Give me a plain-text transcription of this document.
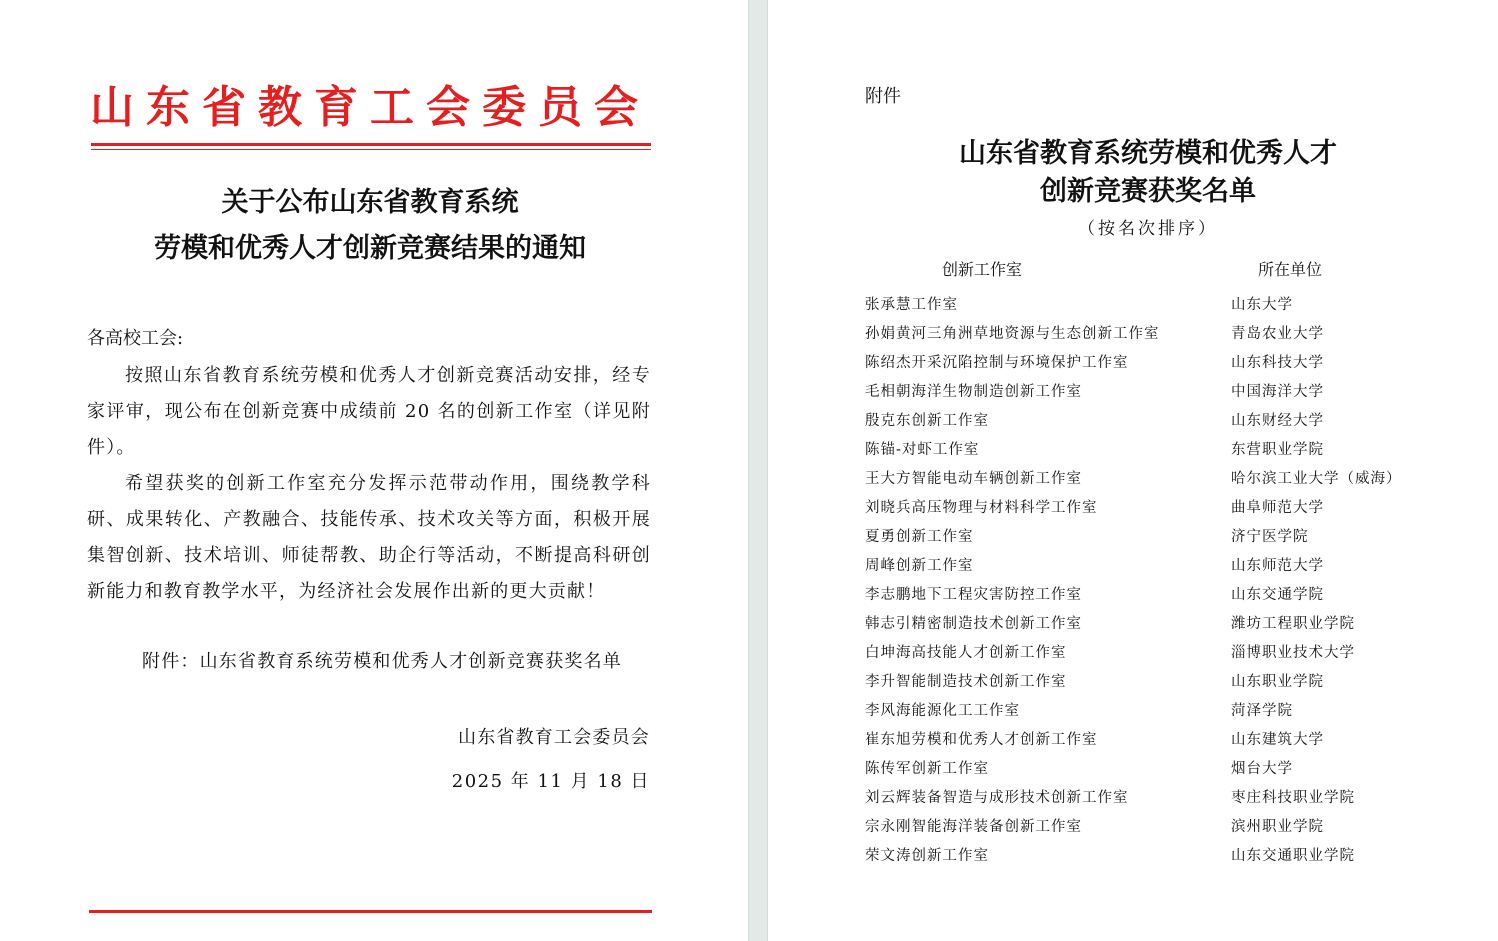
山东省教育工会委员会
关于公布山东省教育系统
劳模和优秀人才创新竞赛结果的通知
各高校工会:
按照山东省教育系统劳模和优秀人才创新竞赛活动安排，经专家评审，现公布在创新竞赛中成绩前 20 名的创新工作室（详见附件）。
希望获奖的创新工作室充分发挥示范带动作用，围绕教学科研、成果转化、产教融合、技能传承、技术攻关等方面，积极开展集智创新、技术培训、师徒帮教、助企行等活动，不断提高科研创新能力和教育教学水平，为经济社会发展作出新的更大贡献！
附件：山东省教育系统劳模和优秀人才创新竞赛获奖名单
山东省教育工会委员会
2025 年 11 月 18 日
附件
山东省教育系统劳模和优秀人才
创新竞赛获奖名单
（按名次排序）
创新工作室	所在单位
张承慧工作室	山东大学
孙娟黄河三角洲草地资源与生态创新工作室	青岛农业大学
陈绍杰开采沉陷控制与环境保护工作室	山东科技大学
毛相朝海洋生物制造创新工作室	中国海洋大学
殷克东创新工作室	山东财经大学
陈锚-对虾工作室	东营职业学院
王大方智能电动车辆创新工作室	哈尔滨工业大学（威海）
刘晓兵高压物理与材料科学工作室	曲阜师范大学
夏勇创新工作室	济宁医学院
周峰创新工作室	山东师范大学
李志鹏地下工程灾害防控工作室	山东交通学院
韩志引精密制造技术创新工作室	潍坊工程职业学院
白坤海高技能人才创新工作室	淄博职业技术大学
李升智能制造技术创新工作室	山东职业学院
李风海能源化工工作室	菏泽学院
崔东旭劳模和优秀人才创新工作室	山东建筑大学
陈传军创新工作室	烟台大学
刘云辉装备智造与成形技术创新工作室	枣庄科技职业学院
宗永刚智能海洋装备创新工作室	滨州职业学院
荣文涛创新工作室	山东交通职业学院
